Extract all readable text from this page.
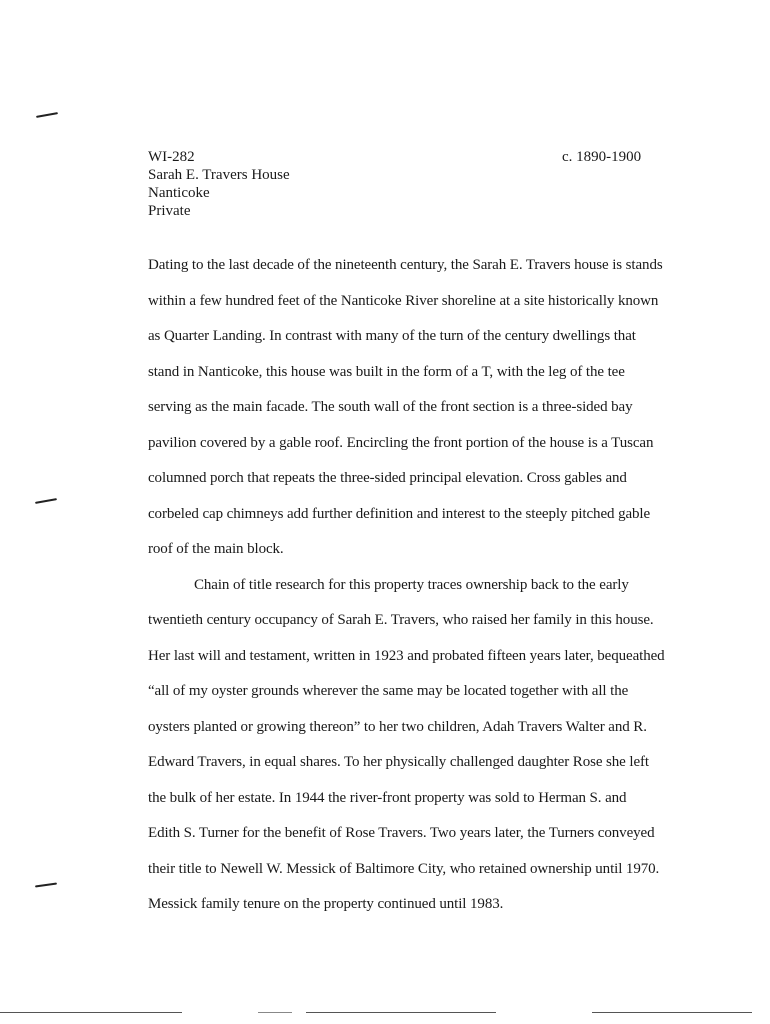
WI-282
Sarah E. Travers House
Nanticoke
Private
c. 1890-1900
Dating to the last decade of the nineteenth century, the Sarah E. Travers house is stands
within a few hundred feet of the Nanticoke River shoreline at a site historically known
as Quarter Landing. In contrast with many of the turn of the century dwellings that
stand in Nanticoke, this house was built in the form of a T, with the leg of the tee
serving as the main facade. The south wall of the front section is a three-sided bay
pavilion covered by a gable roof. Encircling the front portion of the house is a Tuscan
columned porch that repeats the three-sided principal elevation. Cross gables and
corbeled cap chimneys add further definition and interest to the steeply pitched gable
roof of the main block.
Chain of title research for this property traces ownership back to the early
twentieth century occupancy of Sarah E. Travers, who raised her family in this house.
Her last will and testament, written in 1923 and probated fifteen years later, bequeathed
“all of my oyster grounds wherever the same may be located together with all the
oysters planted or growing thereon” to her two children, Adah Travers Walter and R.
Edward Travers, in equal shares. To her physically challenged daughter Rose she left
the bulk of her estate. In 1944 the river-front property was sold to Herman S. and
Edith S. Turner for the benefit of Rose Travers. Two years later, the Turners conveyed
their title to Newell W. Messick of Baltimore City, who retained ownership until 1970.
Messick family tenure on the property continued until 1983.
